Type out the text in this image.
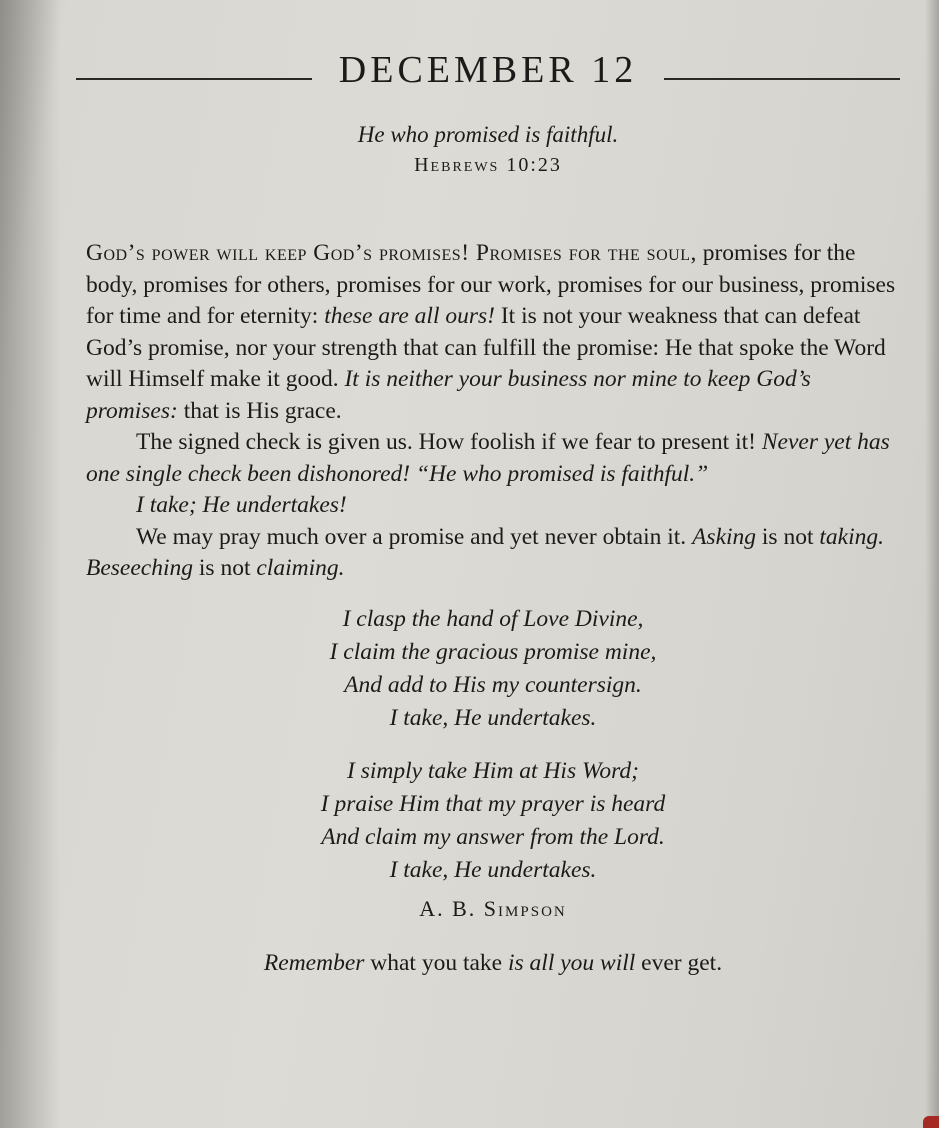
DECEMBER 12
He who promised is faithful.
Hebrews 10:23

God’s power will keep God’s promises! Promises for the soul, promises for the body, promises for others, promises for our work, promises for our business, promises for time and for eternity: these are all ours! It is not your weakness that can defeat God’s promise, nor your strength that can fulfill the promise: He that spoke the Word will Himself make it good. It is neither your business nor mine to keep God’s promises: that is His grace.

The signed check is given us. How foolish if we fear to present it! Never yet has one single check been dishonored! “He who promised is faithful.”

I take; He undertakes!

We may pray much over a promise and yet never obtain it. Asking is not taking. Beseeching is not claiming.

I clasp the hand of Love Divine,
I claim the gracious promise mine,
And add to His my countersign.
I take, He undertakes.
I simply take Him at His Word;
I praise Him that my prayer is heard
And claim my answer from the Lord.
I take, He undertakes.

A. B. Simpson

Remember what you take is all you will ever get.
